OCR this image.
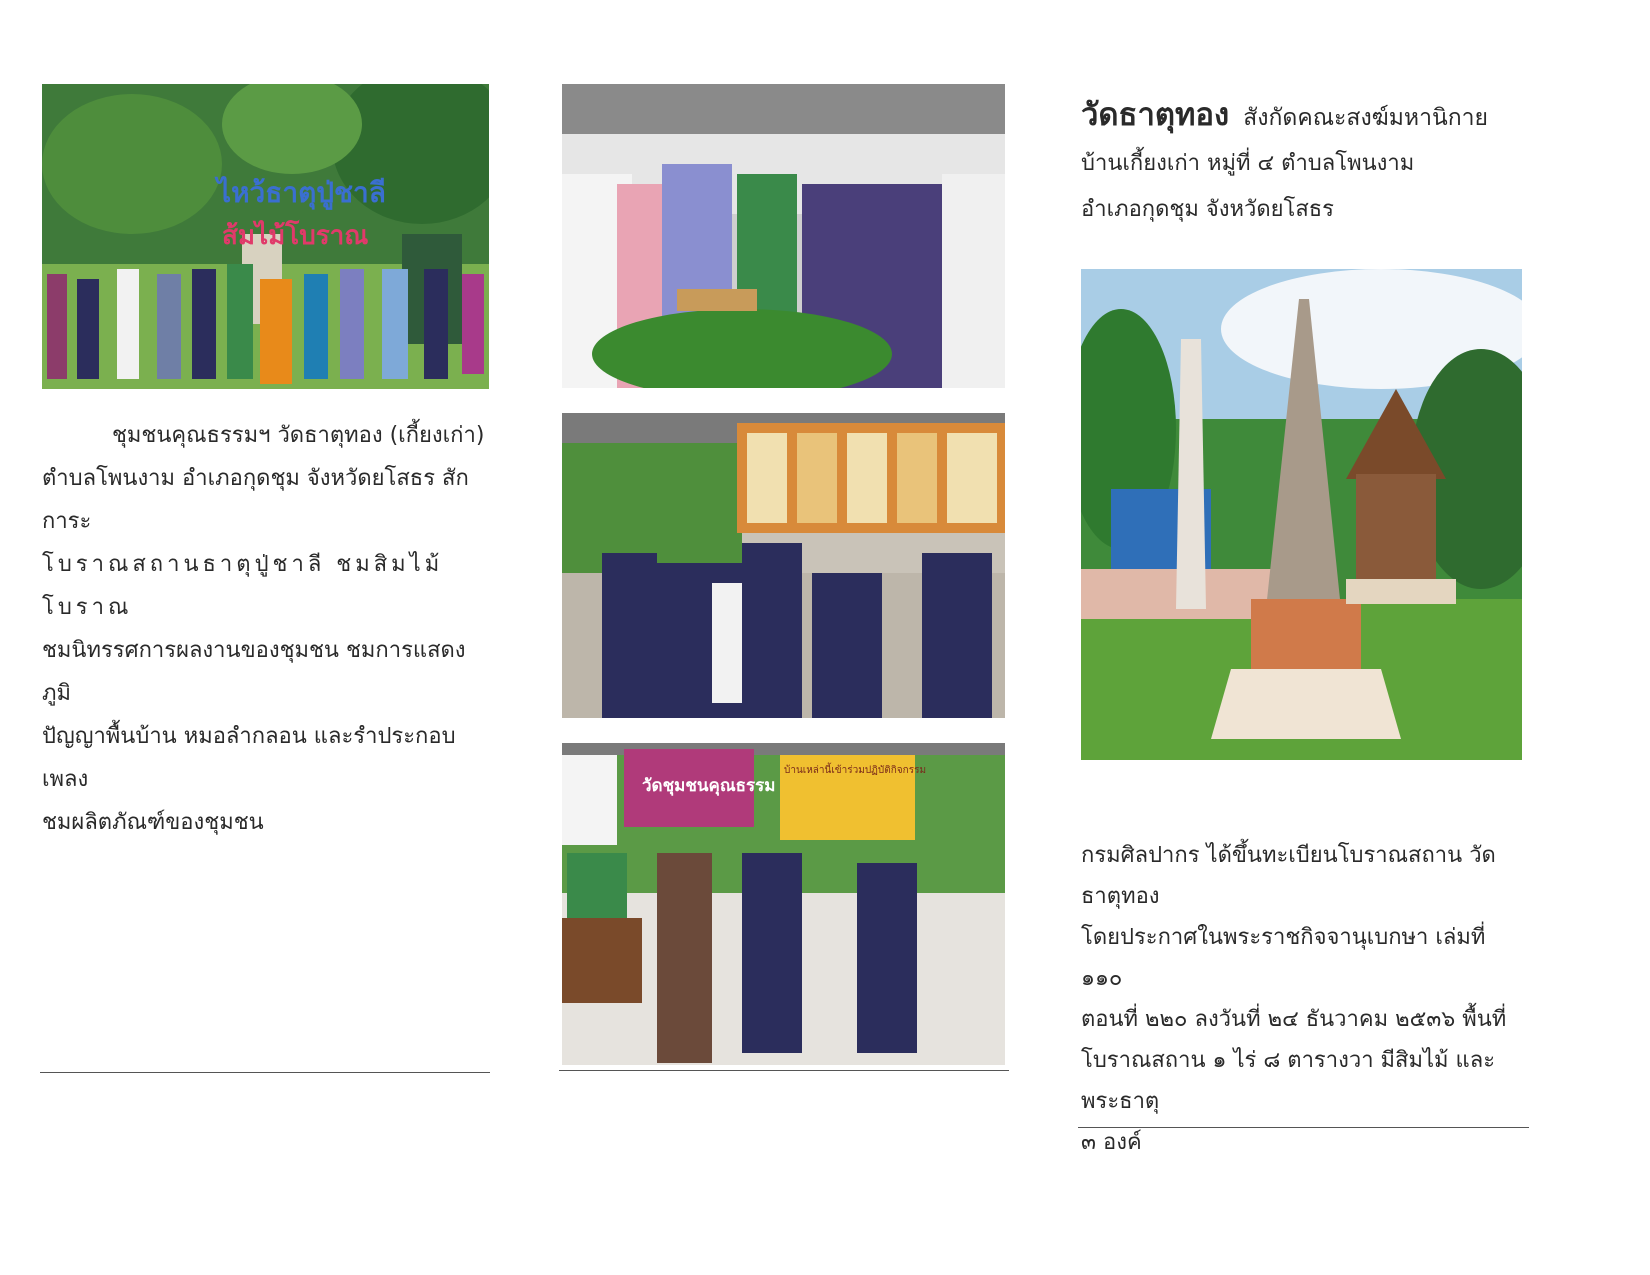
ไหว้ธาตุปู่ชาลี
ส้มไม้โบราณ

ชุมชนคุณธรรมฯ วัดธาตุทอง (เกี้ยงเก่า)

ตำบลโพนงาม อำเภอกุดชุม จังหวัดยโสธร สักการะ

โบราณสถานธาตุปู่ชาลี ชมสิมไม้โบราณ

ชมนิทรรศการผลงานของชุมชน ชมการแสดงภูมิ

ปัญญาพื้นบ้าน หมอลำกลอน และรำประกอบเพลง

ชมผลิตภัณฑ์ของชุมชน

วัดชุมชนคุณธรรม
บ้านเหล่านี้เข้าร่วมปฏิบัติกิจกรรม

วัดธาตุทอง สังกัดคณะสงฆ์มหานิกาย

บ้านเกี้ยงเก่า หมู่ที่ ๔ ตำบลโพนงาม

อำเภอกุดชุม จังหวัดยโสธร

กรมศิลปากร ได้ขึ้นทะเบียนโบราณสถาน วัดธาตุทอง

โดยประกาศในพระราชกิจจานุเบกษา เล่มที่ ๑๑๐

ตอนที่ ๒๒๐ ลงวันที่ ๒๔ ธันวาคม ๒๕๓๖ พื้นที่

โบราณสถาน ๑ ไร่ ๘ ตารางวา มีสิมไม้ และพระธาตุ

๓ องค์
